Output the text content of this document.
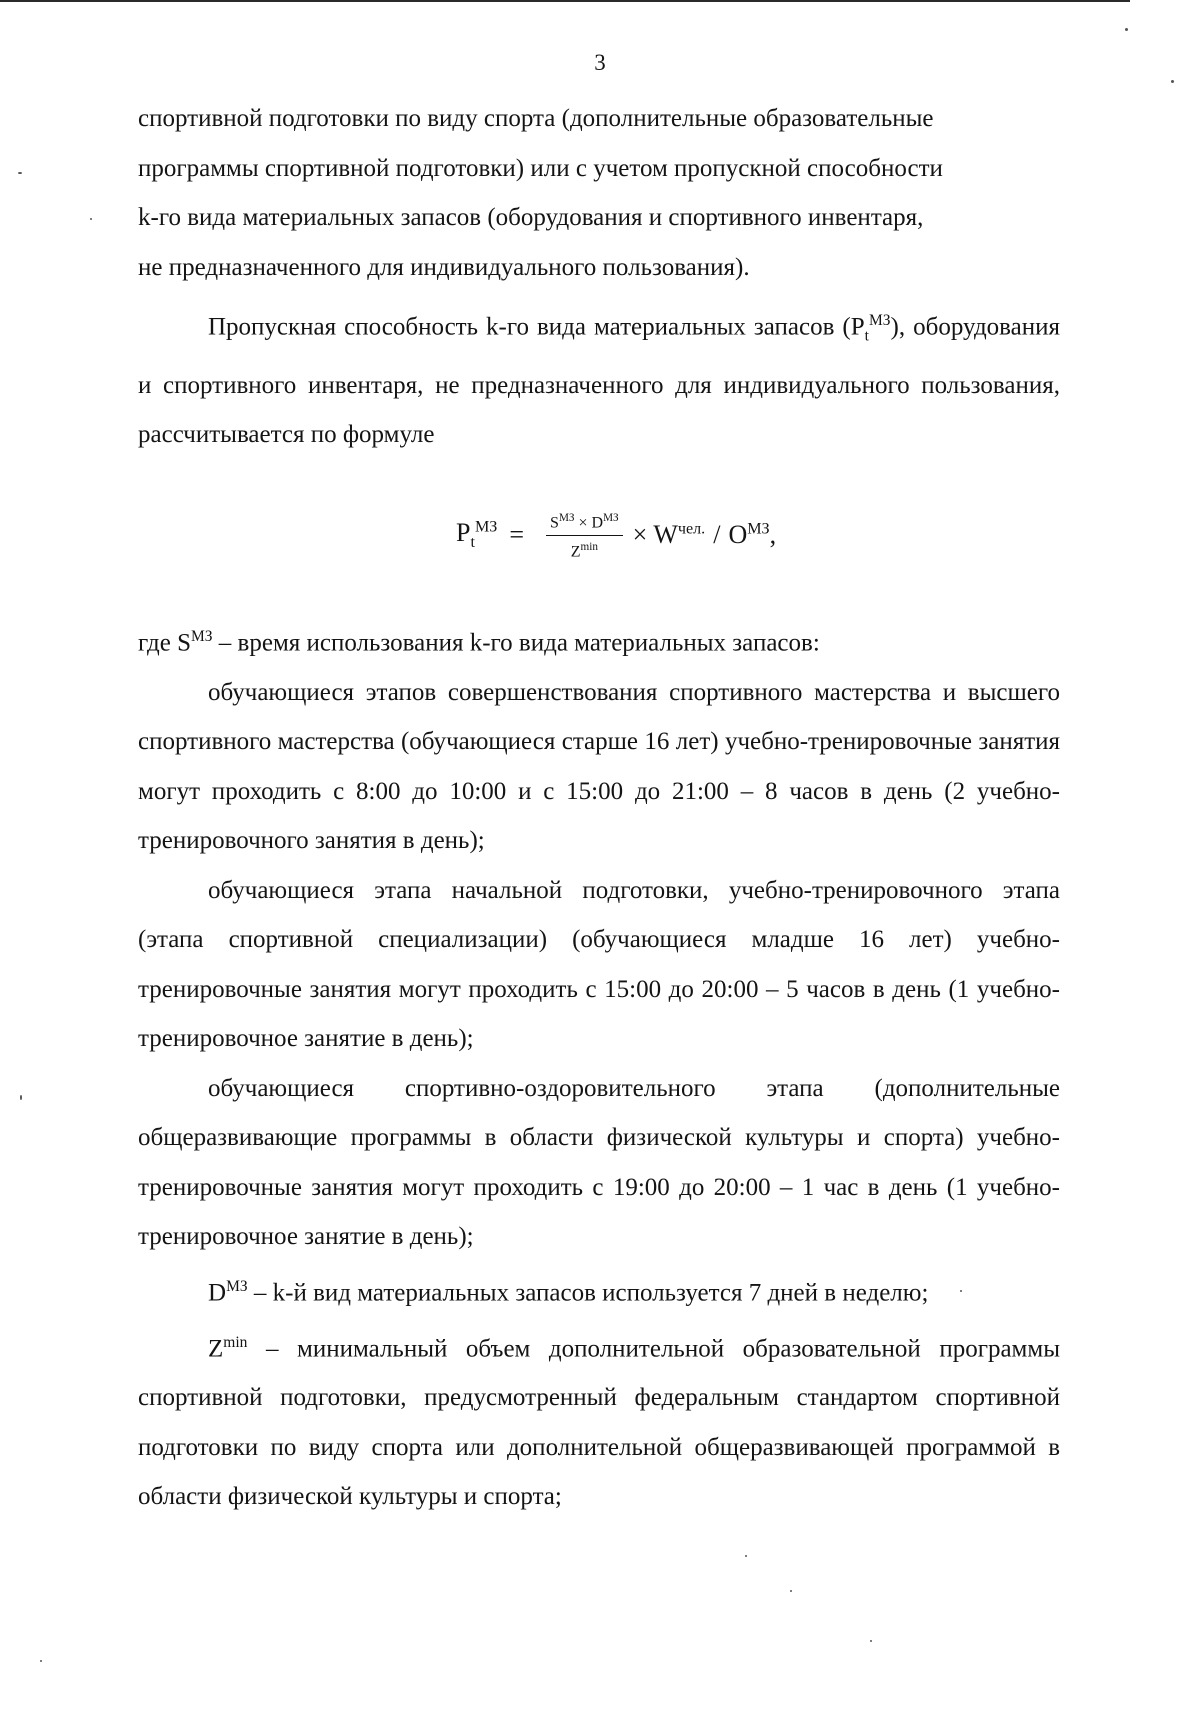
3

спортивной подготовки по виду спорта (дополнительные образовательные

программы спортивной подготовки) или с учетом пропускной способности

k-го вида материальных запасов (оборудования и спортивного инвентаря,

не предназначенного для индивидуального пользования).

Пропускная способность k-го вида материальных запасов $(P_t^{МЗ})$, оборудования и спортивного инвентаря, не предназначенного для индивидуального пользования, рассчитывается по формуле

$P_t^{МЗ} = \frac{S^{МЗ} \times D^{МЗ}}{Z^{min}} \times W^{чел.} / O^{МЗ}$ ,

где $S^{МЗ}$ – время использования k-го вида материальных запасов:

обучающиеся этапов совершенствования спортивного мастерства и высшего спортивного мастерства (обучающиеся старше 16 лет) учебно-тренировочные занятия могут проходить с 8:00 до 10:00 и с 15:00 до 21:00 – 8 часов в день (2 учебно-тренировочного занятия в день);

обучающиеся этапа начальной подготовки, учебно-тренировочного этапа (этапа спортивной специализации) (обучающиеся младше 16 лет) учебно-тренировочные занятия могут проходить с 15:00 до 20:00 – 5 часов в день (1 учебно-тренировочное занятие в день);

обучающиеся спортивно-оздоровительного этапа (дополнительные общеразвивающие программы в области физической культуры и спорта) учебно-тренировочные занятия могут проходить с 19:00 до 20:00 – 1 час в день (1 учебно-тренировочное занятие в день);

$D^{МЗ} - k-й$ вид материальных запасов используется 7 дней в неделю;

$Z^{min}$ – минимальный объем дополнительной образовательной программы спортивной подготовки, предусмотренный федеральным стандартом спортивной подготовки по виду спорта или дополнительной общеразвивающей программой в области физической культуры и спорта;
